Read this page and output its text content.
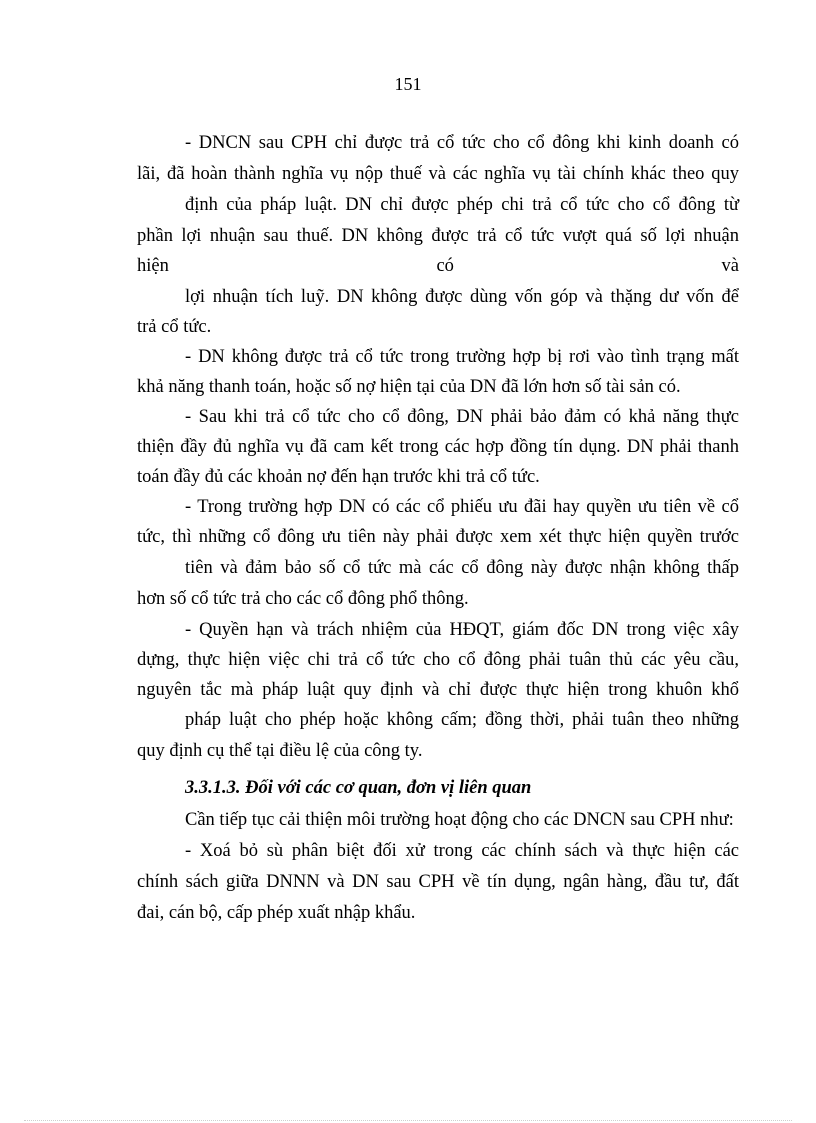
151
- DNCN sau CPH chỉ được trả cổ tức cho cổ đông khi kinh doanh có
lãi, đã hoàn thành nghĩa vụ nộp thuế và các nghĩa vụ tài chính khác theo quy
định của pháp luật. DN chỉ được phép chi trả cổ tức cho cổ đông từ
phần lợi nhuận sau thuế. DN không được trả cổ tức vượt quá số lợi nhuận
hiện có và
lợi nhuận tích luỹ. DN không được dùng vốn góp và thặng dư vốn để
trả cổ tức.
- DN không được trả cổ tức trong trường hợp bị rơi vào tình trạng mất
khả năng thanh toán, hoặc số nợ hiện tại của DN đã lớn hơn số tài sản có.
- Sau khi trả cổ tức cho cổ đông, DN phải bảo đảm có khả năng thực
thiện đầy đủ nghĩa vụ đã cam kết trong các hợp đồng tín dụng. DN phải thanh
toán đầy đủ các khoản nợ đến hạn trước khi trả cổ tức.
- Trong trường hợp DN có các cổ phiếu ưu đãi hay quyền ưu tiên về cổ
tức, thì những cổ đông ưu tiên này phải được xem xét thực hiện quyền trước
tiên và đảm bảo số cổ tức mà các cổ đông này được nhận không thấp
hơn số cổ tức trả cho các cổ đông phổ thông.
- Quyền hạn và trách nhiệm của HĐQT, giám đốc DN trong việc xây
dựng, thực hiện việc chi trả cổ tức cho cổ đông phải tuân thủ các yêu cầu,
nguyên tắc mà pháp luật quy định và chỉ được thực hiện trong khuôn khổ
pháp luật cho phép hoặc không cấm; đồng thời, phải tuân theo những
quy định cụ thể tại điều lệ của công ty.
3.3.1.3. Đối với các cơ quan, đơn vị liên quan
Cần tiếp tục cải thiện môi trường hoạt động cho các DNCN sau CPH như:
- Xoá bỏ sù phân biệt đối xử trong các chính sách và thực hiện các
chính sách giữa DNNN và DN sau CPH về tín dụng, ngân hàng, đầu tư, đất
đai, cán bộ, cấp phép xuất nhập khẩu.
